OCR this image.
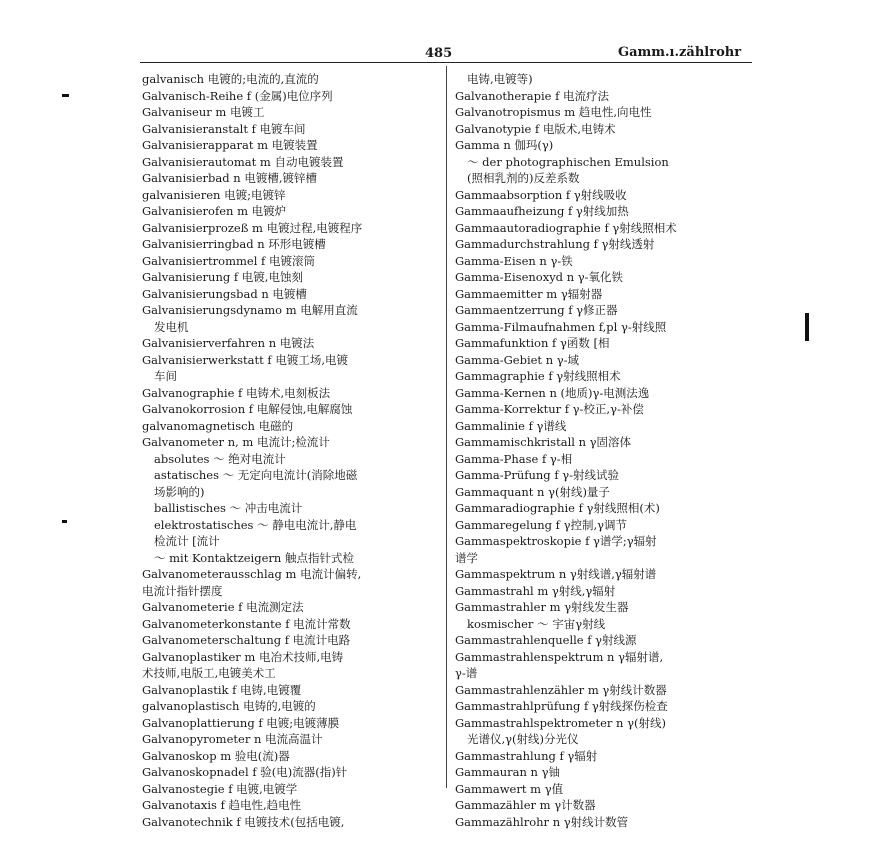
485	Gamm.ı.zählrohr
galvanisch 电镀的;电流的,直流的
Galvanisch-Reihe f (金属)电位序列
Galvaniseur m 电镀工
Galvanisieranstalt f 电镀车间
Galvanisierapparat m 电镀装置
Galvanisierautomat m 自动电镀装置
Galvanisierbad n 电镀槽,镀锌槽
galvanisieren 电镀;电镀锌
Galvanisierofen m 电镀炉
Galvanisierprozeß m 电镀过程,电镀程序
Galvanisierringbad n 环形电镀槽
Galvanisiertrommel f 电镀滚筒
Galvanisierung f 电镀,电蚀刻
Galvanisierungsbad n 电镀槽
Galvanisierungsdynamo m 电解用直流
发电机
Galvanisierverfahren n 电镀法
Galvanisierwerkstatt f 电镀工场,电镀
车间
Galvanographie f 电铸术,电刻板法
Galvanokorrosion f 电解侵蚀,电解腐蚀
galvanomagnetisch 电磁的
Galvanometer n, m 电流计;检流计
absolutes ～ 绝对电流计
astatisches ～ 无定向电流计(消除地磁
场影响的)
ballistisches ～ 冲击电流计
elektrostatisches ～ 静电电流计,静电
检流计 [流计
～ mit Kontaktzeigern 触点指针式检
Galvanometerausschlag m 电流计偏转,
电流计指针摆度
Galvanometerie f 电流测定法
Galvanometerkonstante f 电流计常数
Galvanometerschaltung f 电流计电路
Galvanoplastiker m 电冶术技师,电铸
术技师,电版工,电镀美术工
Galvanoplastik f 电铸,电镀覆
galvanoplastisch 电铸的,电镀的
Galvanoplattierung f 电镀;电镀薄膜
Galvanopyrometer n 电流高温计
Galvanoskop m 验电(流)器
Galvanoskopnadel f 验(电)流器(指)针
Galvanostegie f 电镀,电镀学
Galvanotaxis f 趋电性,趋电性
Galvanotechnik f 电镀技术(包括电镀,
电铸,电镀等)
Galvanotherapie f 电流疗法
Galvanotropismus m 趋电性,向电性
Galvanotypie f 电版术,电铸术
Gamma n 伽玛(γ)
～ der photographischen Emulsion
(照相乳剂的)反差系数
Gammaabsorption f γ射线吸收
Gammaaufheizung f γ射线加热
Gammaautoradiographie f γ射线照相术
Gammadurchstrahlung f γ射线透射
Gamma-Eisen n γ-铁
Gamma-Eisenoxyd n γ-氧化铁
Gammaemitter m γ辐射器
Gammaentzerrung f γ修正器
Gamma-Filmaufnahmen f,pl γ-射线照
Gammafunktion f γ函数 [相
Gamma-Gebiet n γ-域
Gammagraphie f γ射线照相术
Gamma-Kernen n (地质)γ-电测法逸
Gamma-Korrektur f γ-校正,γ-补偿
Gammalinie f γ谱线
Gammamischkristall n γ固溶体
Gamma-Phase f γ-相
Gamma-Prüfung f γ-射线试验
Gammaquant n γ(射线)量子
Gammaradiographie f γ射线照相(术)
Gammaregelung f γ控制,γ调节
Gammaspektroskopie f γ谱学;γ辐射
谱学
Gammaspektrum n γ射线谱,γ辐射谱
Gammastrahl m γ射线,γ辐射
Gammastrahler m γ射线发生器
kosmischer ～ 宇宙γ射线
Gammastrahlenquelle f γ射线源
Gammastrahlenspektrum n γ辐射谱,
γ-谱
Gammastrahlenzähler m γ射线计数器
Gammastrahlprüfung f γ射线探伤检查
Gammastrahlspektrometer n γ(射线)
光谱仪,γ(射线)分光仪
Gammastrahlung f γ辐射
Gammauran n γ铀
Gammawert m γ值
Gammazähler m γ计数器
Gammazählrohr n γ射线计数管
